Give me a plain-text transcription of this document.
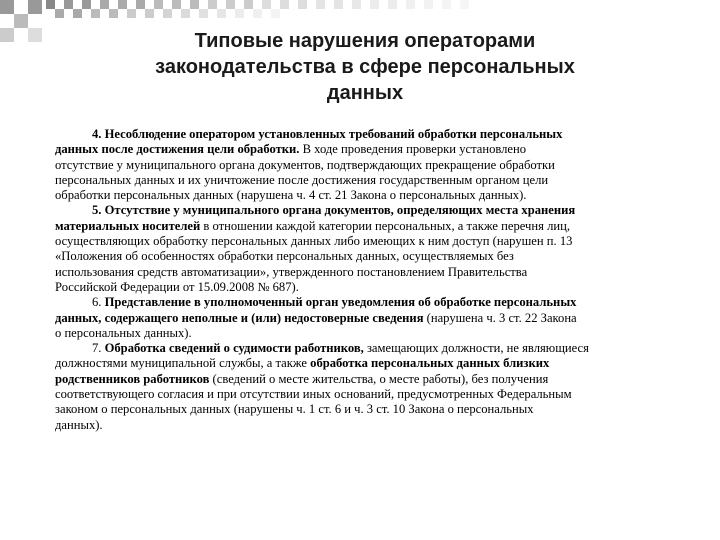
Типовые нарушения операторами
законодательства в сфере персональных
данных
4. Несоблюдение оператором установленных требований обработки персональных
данных после достижения цели обработки. В ходе проведения проверки установлено
отсутствие у муниципального органа документов, подтверждающих прекращение обработки
персональных данных и их уничтожение после достижения государственным органом цели
обработки персональных данных (нарушена ч. 4 ст. 21 Закона о персональных данных).
5. Отсутствие у муниципального органа документов, определяющих места хранения
материальных носителей в отношении каждой категории персональных, а также перечня лиц,
осуществляющих обработку персональных данных либо имеющих к ним доступ (нарушен п. 13
«Положения об особенностях обработки персональных данных, осуществляемых без
использования средств автоматизации», утвержденного постановлением Правительства
Российской Федерации от 15.09.2008 № 687).
6. Представление в уполномоченный орган уведомления об обработке персональных
данных, содержащего неполные и (или) недостоверные сведения (нарушена ч. 3 ст. 22 Закона
о персональных данных).
7. Обработка сведений о судимости работников, замещающих должности, не являющиеся
должностями муниципальной службы, а также обработка персональных данных близких
родственников работников (сведений о месте жительства, о месте работы), без получения
соответствующего согласия и при отсутствии иных оснований, предусмотренных Федеральным
законом о персональных данных (нарушены ч. 1 ст. 6 и ч. 3 ст. 10 Закона о персональных
данных).
